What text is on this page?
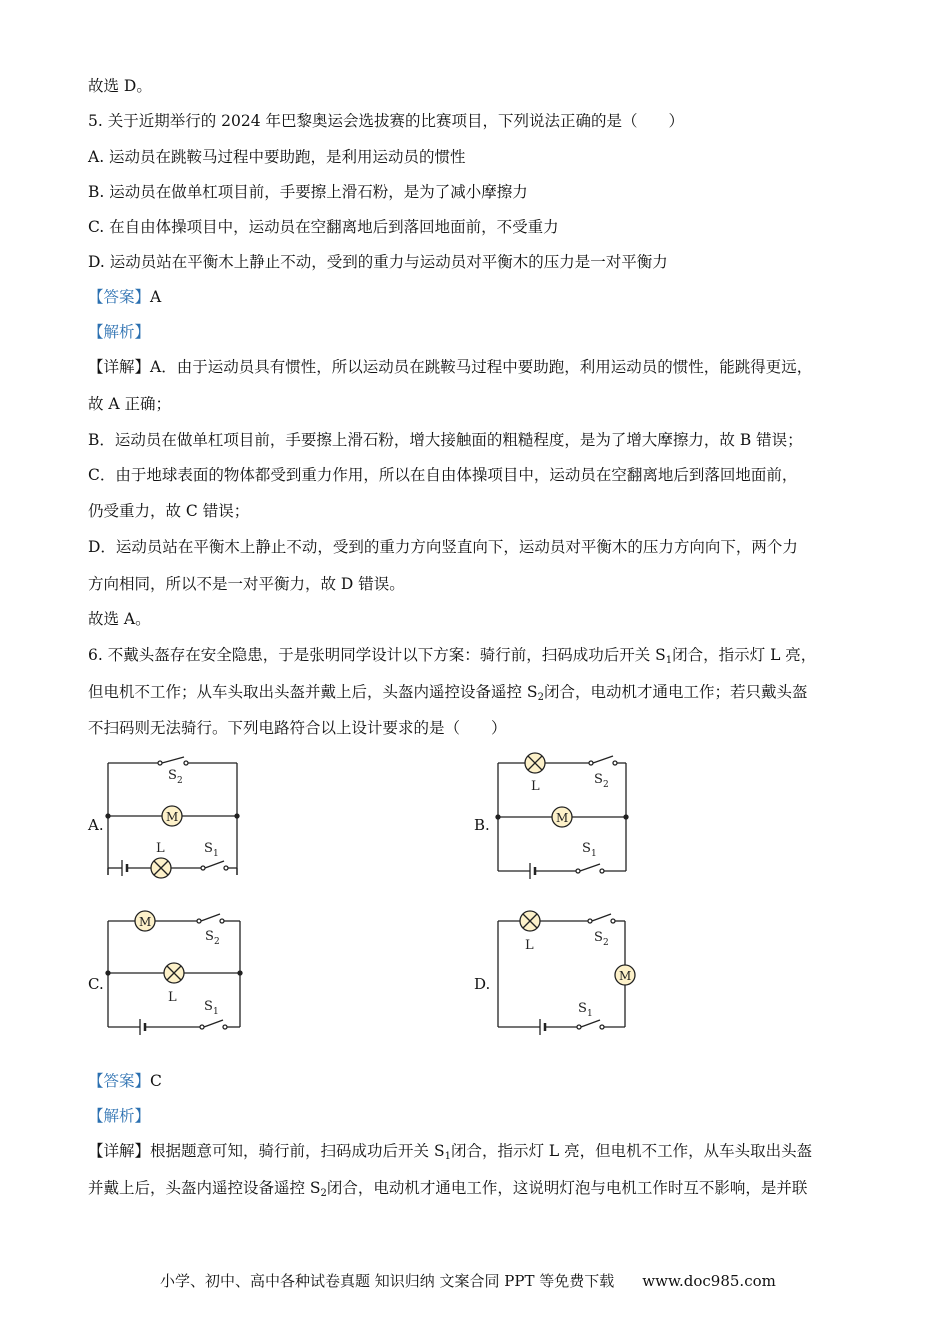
故选 D。
5. 关于近期举行的 2024 年巴黎奥运会选拔赛的比赛项目，下列说法正确的是（　　）
A. 运动员在跳鞍马过程中要助跑，是利用运动员的惯性
B. 运动员在做单杠项目前，手要擦上滑石粉，是为了减小摩擦力
C. 在自由体操项目中，运动员在空翻离地后到落回地面前，不受重力
D. 运动员站在平衡木上静止不动，受到的重力与运动员对平衡木的压力是一对平衡力
【答案】A
【解析】
【详解】A．由于运动员具有惯性，所以运动员在跳鞍马过程中要助跑，利用运动员的惯性，能跳得更远，
故 A 正确；
B．运动员在做单杠项目前，手要擦上滑石粉，增大接触面的粗糙程度，是为了增大摩擦力，故 B 错误；
C．由于地球表面的物体都受到重力作用，所以在自由体操项目中，运动员在空翻离地后到落回地面前，
仍受重力，故 C 错误；
D．运动员站在平衡木上静止不动，受到的重力方向竖直向下，运动员对平衡木的压力方向向下，两个力
方向相同，所以不是一对平衡力，故 D 错误。
故选 A。
6. 不戴头盔存在安全隐患，于是张明同学设计以下方案：骑行前，扫码成功后开关 $S_1$闭合，指示灯 L 亮，
但电机不工作；从车头取出头盔并戴上后，头盔内遥控设备遥控 $S_2$闭合，电动机才通电工作；若只戴头盔
不扫码则无法骑行。下列电路符合以上设计要求的是（　　）
A.	B.
C.	D.
S 2
M
L	S 1
L	S 2
M
S 1
M
S 2
L
S 1
L
S 2
M
S 1
【答案】C
【解析】
【详解】根据题意可知，骑行前，扫码成功后开关 $S_1$闭合，指示灯 L 亮，但电机不工作，从车头取出头盔
并戴上后，头盔内遥控设备遥控 $S_2$闭合，电动机才通电工作，这说明灯泡与电机工作时互不影响，是并联
小学、初中、高中各种试卷真题 知识归纳 文案合同 PPT 等免费下载 www.doc985.com
